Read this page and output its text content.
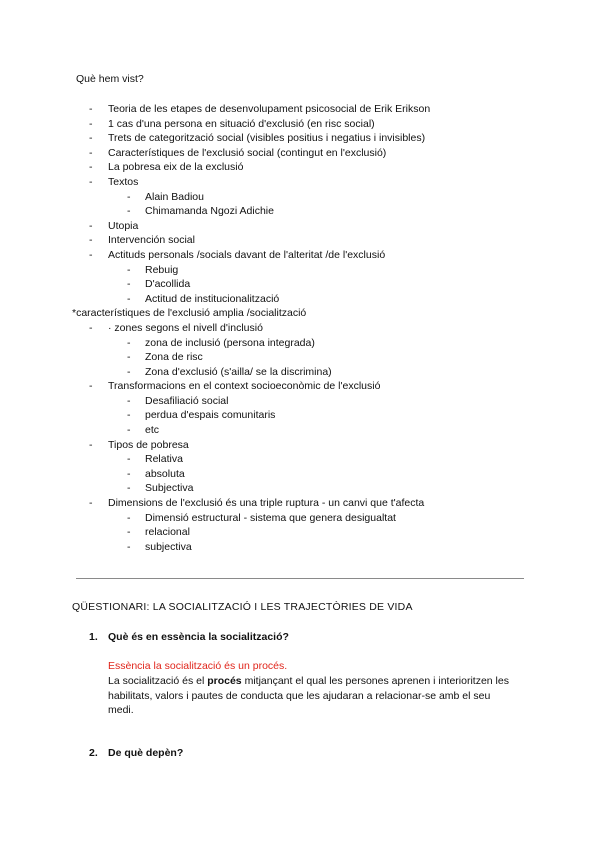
Què hem vist?
- Teoria de les etapes de desenvolupament psicosocial de Erik Erikson
- 1 cas d'una persona en situació d'exclusió (en risc social)
- Trets de categorització social (visibles positius i negatius i invisibles)
- Característiques de l'exclusió social (contingut en l'exclusió)
- La pobresa eix de la exclusió
- Textos
- Alain Badiou
- Chimamanda Ngozi Adichie
- Utopia
- Intervención social
- Actituds personals /socials davant de l'alteritat /de l'exclusió
- Rebuig
- D'acollida
- Actitud de institucionalització
*característiques de l'exclusió amplia /socialització
- · zones segons el nivell d'inclusió
- zona de inclusió (persona integrada)
- Zona de risc
- Zona d'exclusió (s'ailla/ se la discrimina)
- Transformacions en el context socioeconòmic de l'exclusió
- Desafiliació social
- perdua d'espais comunitaris
- etc
- Tipos de pobresa
- Relativa
- absoluta
- Subjectiva
- Dimensions de l'exclusió és una triple ruptura - un canvi que t'afecta
- Dimensió estructural - sistema que genera desigualtat
- relacional
- subjectiva
QÜESTIONARI: LA SOCIALITZACIÓ I LES TRAJECTÒRIES DE VIDA
1. Què és en essència la socialització?

Essència la socialització és un procés.

La socialització és el procés mitjançant el qual les persones aprenen i interioritzen les habilitats, valors i pautes de conducta que les ajudaran a relacionar-se amb el seu medi.

2. De què depèn?
